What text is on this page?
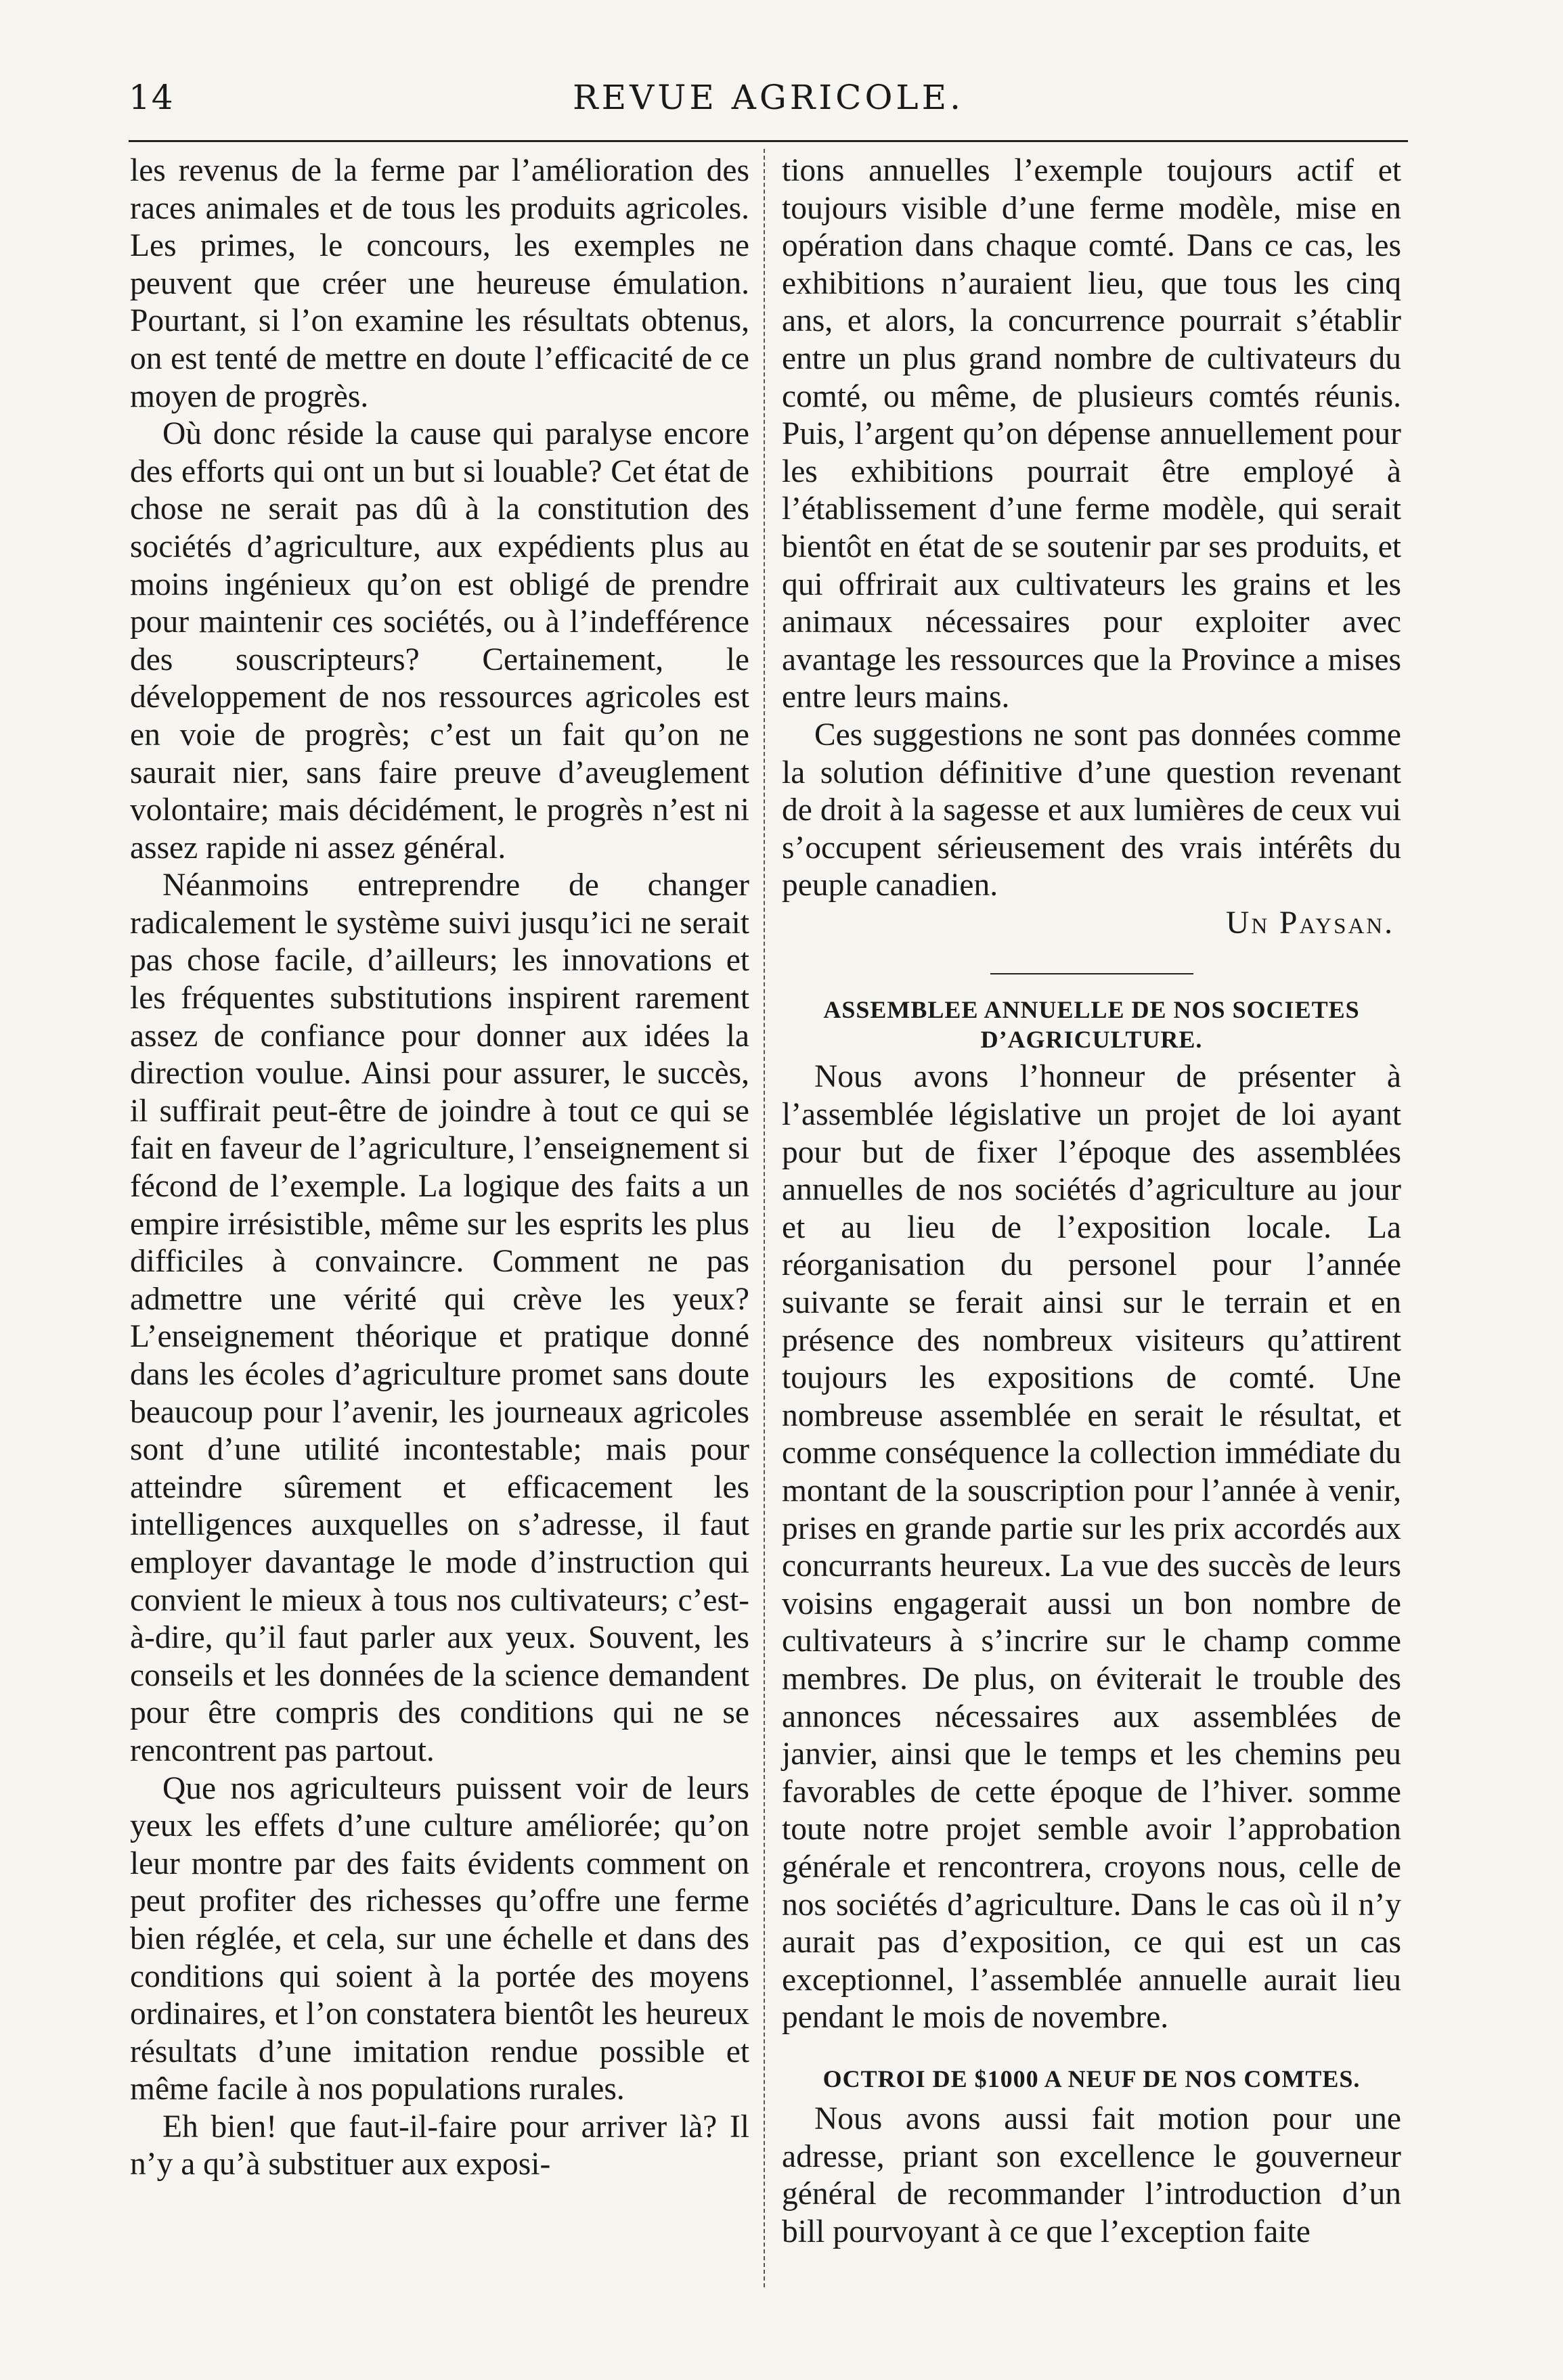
14	REVUE AGRICOLE.

les revenus de la ferme par l’amélioration des races animales et de tous les produits agricoles. Les primes, le concours, les exemples ne peuvent que créer une heureuse émulation. Pourtant, si l’on examine les résultats obtenus, on est tenté de mettre en doute l’efficacité de ce moyen de progrès.

Où donc réside la cause qui paralyse encore des efforts qui ont un but si louable? Cet état de chose ne serait pas dû à la constitution des sociétés d’agriculture, aux expédients plus au moins ingénieux qu’on est obligé de prendre pour maintenir ces sociétés, ou à l’indefférence des souscripteurs? Certainement, le développement de nos ressources agricoles est en voie de progrès; c’est un fait qu’on ne saurait nier, sans faire preuve d’aveuglement volontaire; mais décidément, le progrès n’est ni assez rapide ni assez général.

Néanmoins entreprendre de changer radicalement le système suivi jusqu’ici ne serait pas chose facile, d’ailleurs; les innovations et les fréquentes substitutions inspirent rarement assez de confiance pour donner aux idées la direction voulue. Ainsi pour assurer, le succès, il suffirait peut-être de joindre à tout ce qui se fait en faveur de l’agriculture, l’enseignement si fécond de l’exemple. La logique des faits a un empire irrésistible, même sur les esprits les plus difficiles à convaincre. Comment ne pas admettre une vérité qui crève les yeux? L’enseignement théorique et pratique donné dans les écoles d’agriculture promet sans doute beaucoup pour l’avenir, les journeaux agricoles sont d’une utilité incontestable; mais pour atteindre sûrement et efficacement les intelligences auxquelles on s’adresse, il faut employer davantage le mode d’instruction qui convient le mieux à tous nos cultivateurs; c’est-à-dire, qu’il faut parler aux yeux. Souvent, les conseils et les données de la science demandent pour être compris des conditions qui ne se rencontrent pas partout.

Que nos agriculteurs puissent voir de leurs yeux les effets d’une culture améliorée; qu’on leur montre par des faits évidents comment on peut profiter des richesses qu’offre une ferme bien réglée, et cela, sur une échelle et dans des conditions qui soient à la portée des moyens ordinaires, et l’on constatera bientôt les heureux résultats d’une imitation rendue possible et même facile à nos populations rurales.

Eh bien! que faut-il-faire pour arriver là? Il n’y a qu’à substituer aux exposi-

tions annuelles l’exemple toujours actif et toujours visible d’une ferme modèle, mise en opération dans chaque comté. Dans ce cas, les exhibitions n’auraient lieu, que tous les cinq ans, et alors, la concurrence pourrait s’établir entre un plus grand nombre de cultivateurs du comté, ou même, de plusieurs comtés réunis. Puis, l’argent qu’on dépense annuellement pour les exhibitions pourrait être employé à l’établissement d’une ferme modèle, qui serait bientôt en état de se soutenir par ses produits, et qui offrirait aux cultivateurs les grains et les animaux nécessaires pour exploiter avec avantage les ressources que la Province a mises entre leurs mains.

Ces suggestions ne sont pas données comme la solution définitive d’une question revenant de droit à la sagesse et aux lumières de ceux vui s’occupent sérieusement des vrais intérêts du peuple canadien.

Un Paysan.

ASSEMBLEE ANNUELLE DE NOS SOCIETES D’AGRICULTURE.

Nous avons l’honneur de présenter à l’assemblée législative un projet de loi ayant pour but de fixer l’époque des assemblées annuelles de nos sociétés d’agriculture au jour et au lieu de l’exposition locale. La réorganisation du personel pour l’année suivante se ferait ainsi sur le terrain et en présence des nombreux visiteurs qu’attirent toujours les expositions de comté. Une nombreuse assemblée en serait le résultat, et comme conséquence la collection immédiate du montant de la souscription pour l’année à venir, prises en grande partie sur les prix accordés aux concurrants heureux. La vue des succès de leurs voisins engagerait aussi un bon nombre de cultivateurs à s’incrire sur le champ comme membres. De plus, on éviterait le trouble des annonces nécessaires aux assemblées de janvier, ainsi que le temps et les chemins peu favorables de cette époque de l’hiver. somme toute notre projet semble avoir l’approbation générale et rencontrera, croyons nous, celle de nos sociétés d’agriculture. Dans le cas où il n’y aurait pas d’exposition, ce qui est un cas exceptionnel, l’assemblée annuelle aurait lieu pendant le mois de novembre.

OCTROI DE $1000 A NEUF DE NOS COMTES.

Nous avons aussi fait motion pour une adresse, priant son excellence le gouverneur général de recommander l’introduction d’un bill pourvoyant à ce que l’exception faite
